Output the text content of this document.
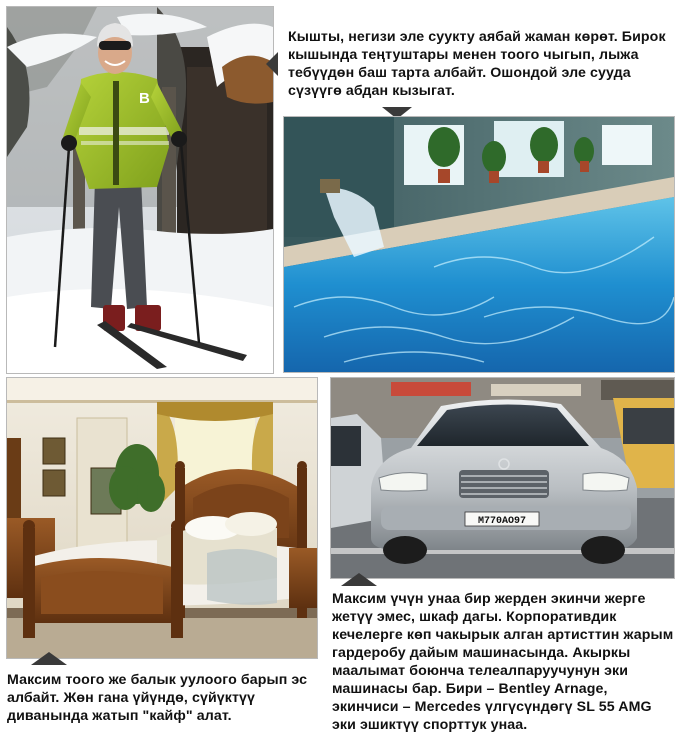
B

Кышты, негизи эле суукту аябай жаман көрөт. Бирок кышында теңтуштары менен тоого чыгып, лыжа тебүүдөн баш тарта албайт. Ошондой эле сууда сүзүүгө абдан кызыгат.

Максим тоого же балык уулоого барып эс албайт. Жөн гана үйүндө, сүйүктүү диванында жатып "кайф" алат.

М770АО97

Максим үчүн унаа бир жерден экинчи жерге жетүү эмес, шкаф дагы. Корпоративдик кечелерге көп чакырык алган артисттин жарым гардеробу дайым машинасында. Акыркы маалымат боюнча телеалпаруучунун эки машинасы бар. Бири – Bentley Arnage, экинчиси – Mercedes үлгүсүндөгү SL 55 AMG эки эшиктүү спорттук унаа.
